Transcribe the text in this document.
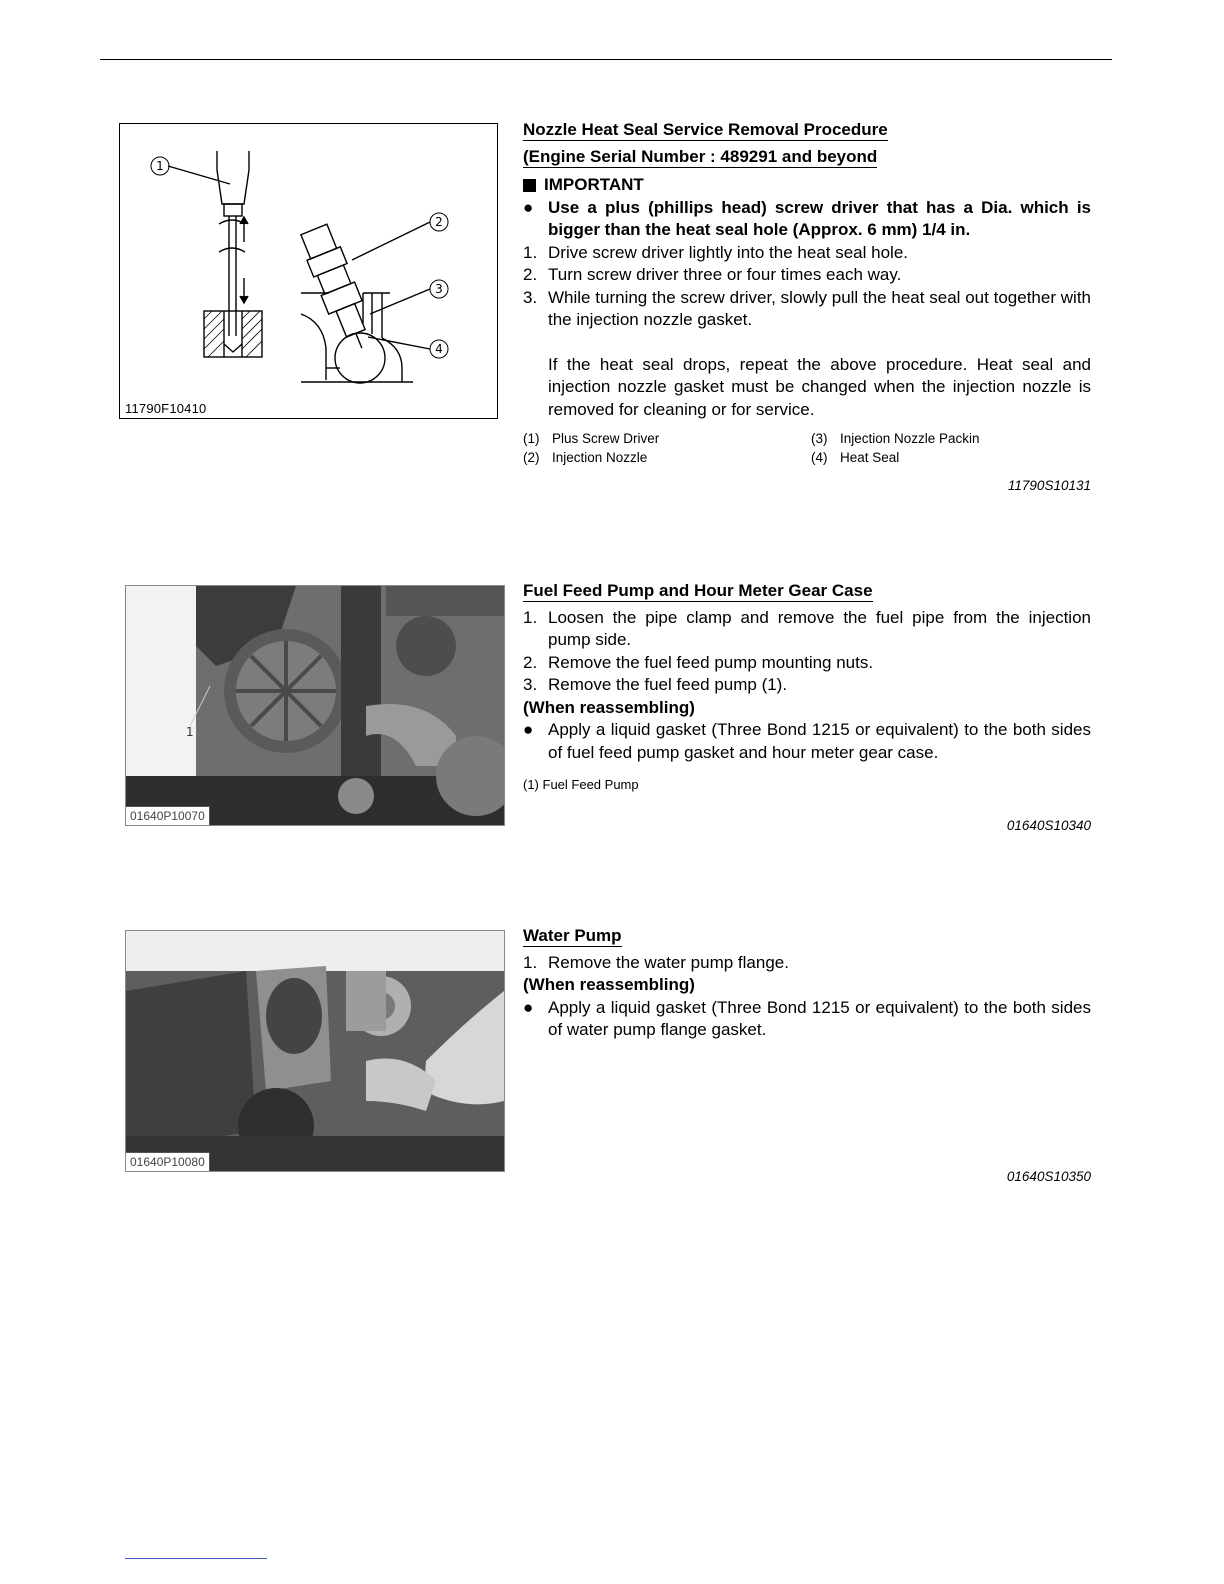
1
2
3
4
11790F10410
Nozzle Heat Seal Service Removal Procedure
(Engine Serial Number : 489291 and beyond
IMPORTANT
● Use a plus (phillips head) screw driver that has a Dia. which is bigger than the heat seal hole (Approx. 6 mm) 1/4 in.
1. Drive screw driver lightly into the heat seal hole.
2. Turn screw driver three or four times each way.
3. While turning the screw driver, slowly pull the heat seal out together with the injection nozzle gasket.
If the heat seal drops, repeat the above procedure. Heat seal and injection nozzle gasket must be changed when the injection nozzle is removed for cleaning or for service.
(1) Plus Screw Driver	(3) Injection Nozzle Packin
(2) Injection Nozzle	(4) Heat Seal
11790S10131
1
01640P10070
Fuel Feed Pump and Hour Meter Gear Case
1. Loosen the pipe clamp and remove the fuel pipe from the injection pump side.
2. Remove the fuel feed pump mounting nuts.
3. Remove the fuel feed pump (1).
(When reassembling)
● Apply a liquid gasket (Three Bond 1215 or equivalent) to the both sides of fuel feed pump gasket and hour meter gear case.
(1) Fuel Feed Pump
01640S10340
01640P10080
Water Pump
1. Remove the water pump flange.
(When reassembling)
● Apply a liquid gasket (Three Bond 1215 or equivalent) to the both sides of water pump flange gasket.
01640S10350
